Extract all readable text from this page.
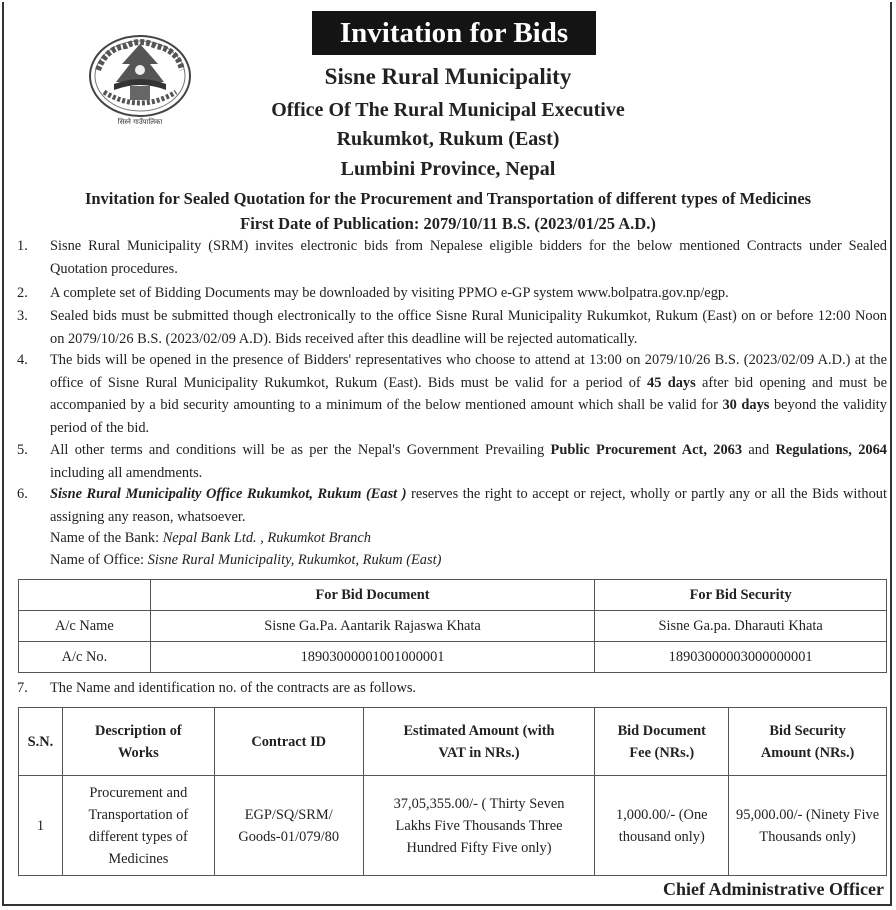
सिस्ने गाउँपालिका
Invitation for Bids
Sisne Rural Municipality
Office Of The Rural Municipal Executive
Rukumkot, Rukum (East)
Lumbini Province, Nepal
Invitation for Sealed Quotation for the Procurement and Transportation of different types of Medicines
First Date of Publication: 2079/10/11 B.S. (2023/01/25 A.D.)
1. Sisne Rural Municipality (SRM) invites electronic bids from Nepalese eligible bidders for the below mentioned Contracts under Sealed Quotation procedures.
2. A complete set of Bidding Documents may be downloaded by visiting PPMO e-GP system www.bolpatra.gov.np/egp.
3. Sealed bids must be submitted though electronically to the office Sisne Rural Municipality Rukumkot, Rukum (East) on or before 12:00 Noon on 2079/10/26 B.S. (2023/02/09 A.D). Bids received after this deadline will be rejected automatically.
4. The bids will be opened in the presence of Bidders' representatives who choose to attend at 13:00 on 2079/10/26 B.S. (2023/02/09 A.D.) at the office of Sisne Rural Municipality Rukumkot, Rukum (East). Bids must be valid for a period of 45 days after bid opening and must be accompanied by a bid security amounting to a minimum of the below mentioned amount which shall be valid for 30 days beyond the validity period of the bid.
5. All other terms and conditions will be as per the Nepal's Government Prevailing Public Procurement Act, 2063 and Regulations, 2064 including all amendments.
6. Sisne Rural Municipality Office Rukumkot, Rukum (East ) reserves the right to accept or reject, wholly or partly any or all the Bids without assigning any reason, whatsoever.
Name of the Bank: Nepal Bank Ltd. , Rukumkot Branch
Name of Office: Sisne Rural Municipality, Rukumkot, Rukum (East)
	For Bid Document	For Bid Security
A/c Name	Sisne Ga.Pa. Aantarik Rajaswa Khata	Sisne Ga.pa. Dharauti Khata
A/c No.	18903000001001000001	18903000003000000001
7. The Name and identification no. of the contracts are as follows.
S.N.	Description of Works	Contract ID	Estimated Amount (with VAT in NRs.)	Bid Document Fee (NRs.)	Bid Security Amount (NRs.)
1	Procurement and Transportation of different types of Medicines	EGP/SQ/SRM/ Goods-01/079/80	37,05,355.00/- ( Thirty Seven Lakhs Five Thousands Three Hundred Fifty Five only)	1,000.00/- (One thousand only)	95,000.00/- (Ninety Five Thousands only)
Chief Administrative Officer
